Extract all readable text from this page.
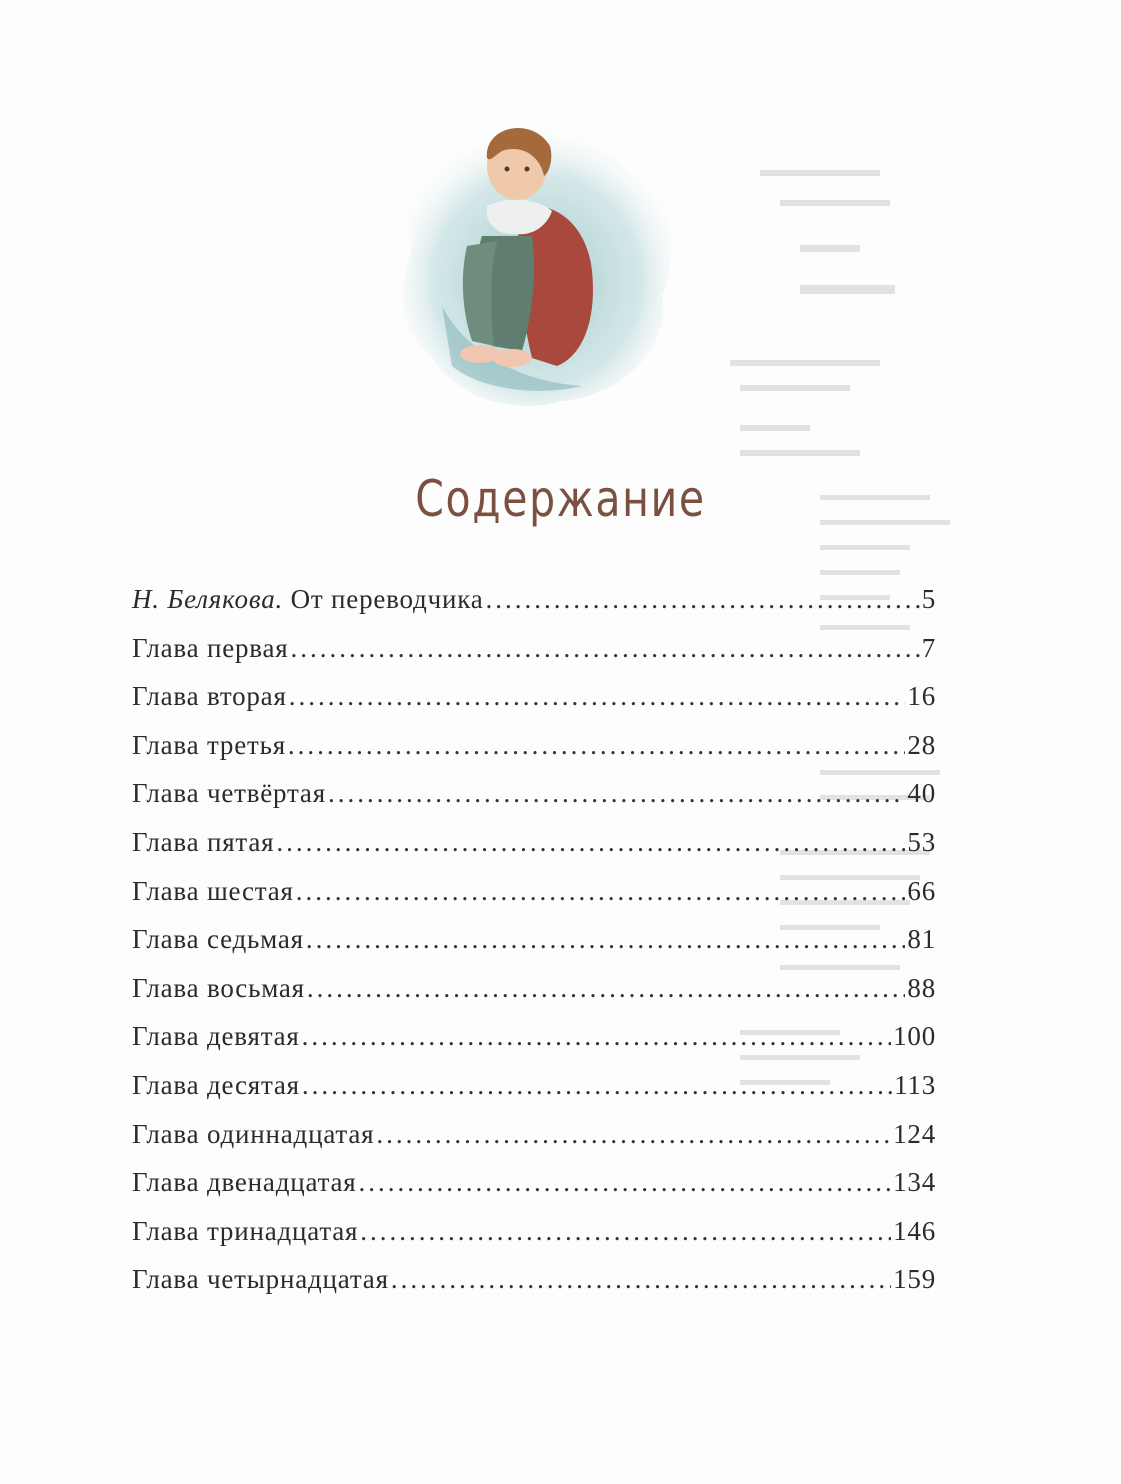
Содержание
Н. Белякова. От переводчика .....	5
Глава первая .....	7
Глава вторая .....	16
Глава третья .....	28
Глава четвёртая .....	40
Глава пятая .....	53
Глава шестая .....	66
Глава седьмая .....	81
Глава восьмая .....	88
Глава девятая .....	100
Глава десятая .....	113
Глава одиннадцатая .....	124
Глава двенадцатая .....	134
Глава тринадцатая .....	146
Глава четырнадцатая .....	159
